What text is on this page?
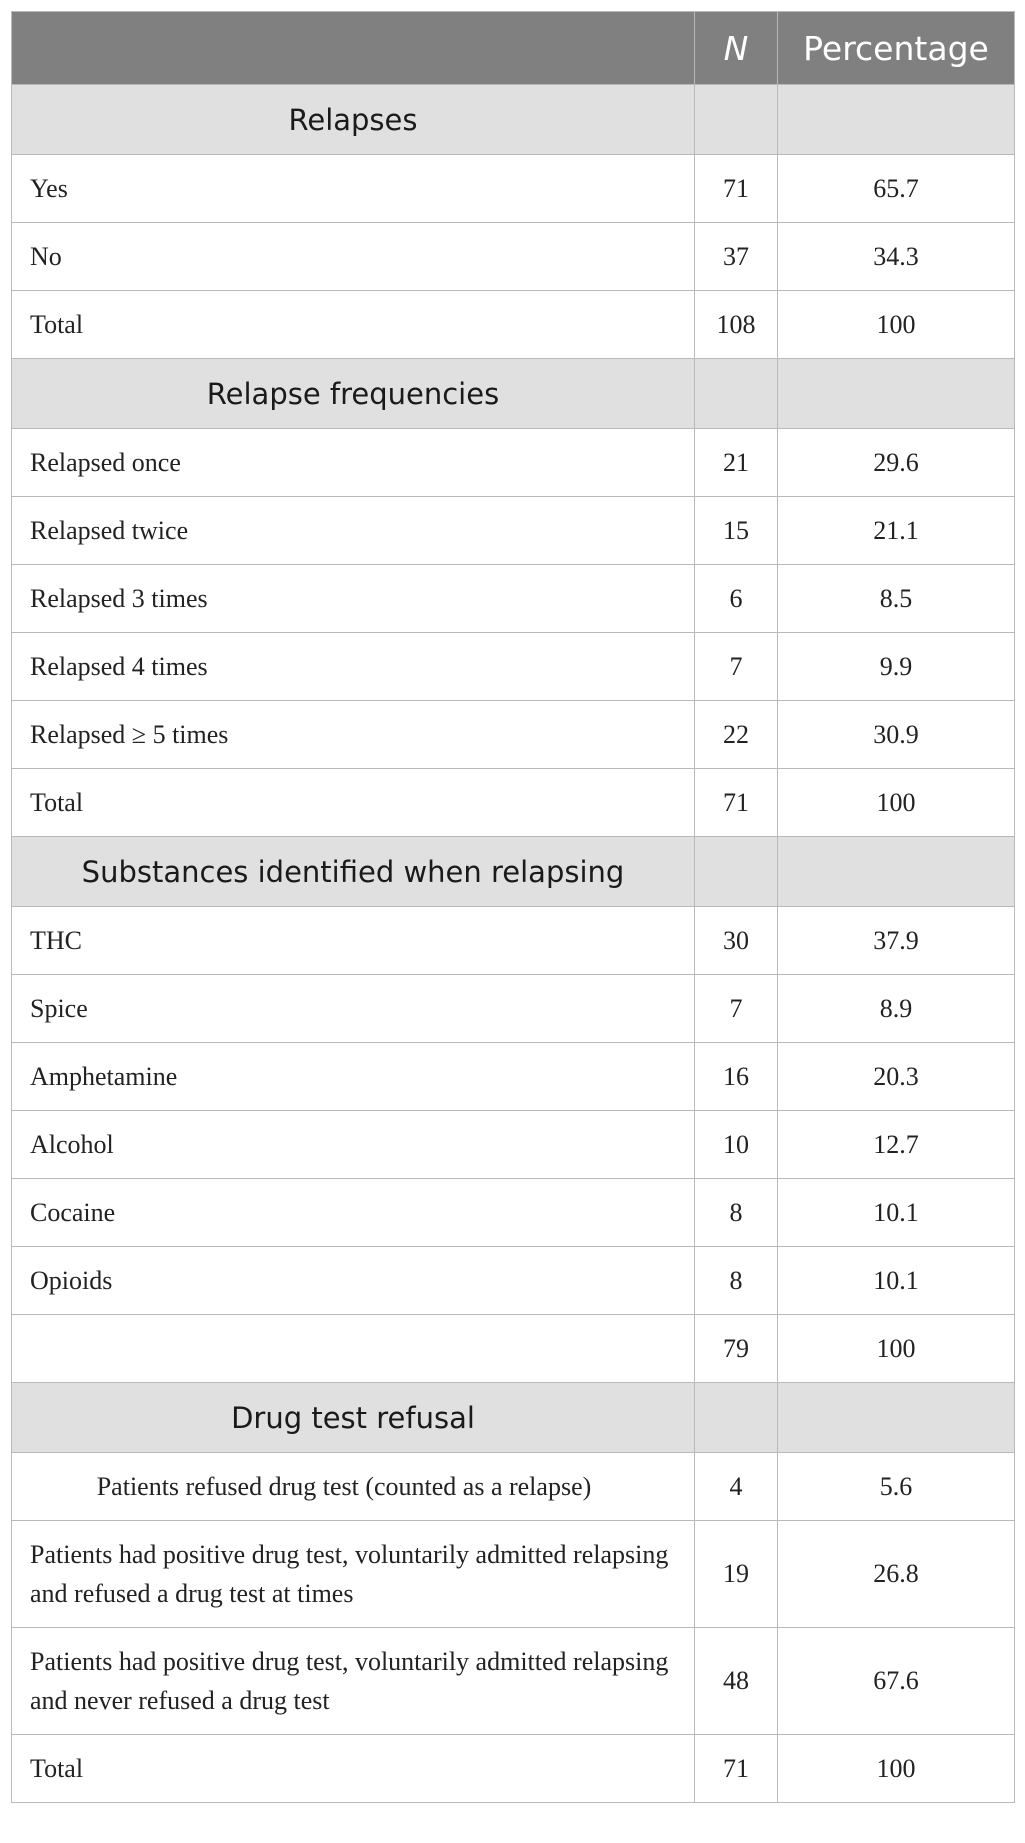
	N	Percentage
Relapses		
Yes	71	65.7
No	37	34.3
Total	108	100
Relapse frequencies		
Relapsed once	21	29.6
Relapsed twice	15	21.1
Relapsed 3 times	6	8.5
Relapsed 4 times	7	9.9
Relapsed ≥ 5 times	22	30.9
Total	71	100
Substances identified when relapsing		
THC	30	37.9
Spice	7	8.9
Amphetamine	16	20.3
Alcohol	10	12.7
Cocaine	8	10.1
Opioids	8	10.1
	79	100
Drug test refusal		
Patients refused drug test (counted as a relapse)	4	5.6
Patients had positive drug test, voluntarily admitted relapsing and refused a drug test at times	19	26.8
Patients had positive drug test, voluntarily admitted relapsing and never refused a drug test	48	67.6
Total	71	100
